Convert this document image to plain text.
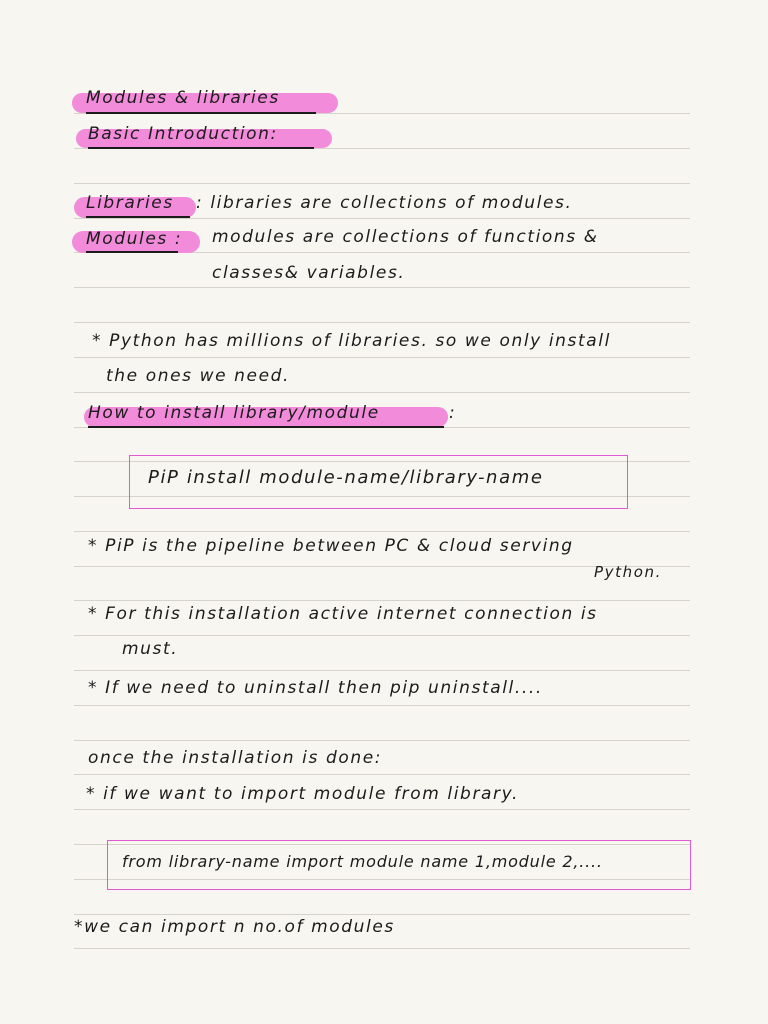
Modules & libraries
Basic Introduction:
Libraries : libraries are collections of modules.
Modules : modules are collections of functions &
classes& variables.
* Python has millions of libraries. so we only install
the ones we need.
How to install library/module	:
PiP install module-name/library-name
* PiP is the pipeline between PC & cloud serving
Python.
* For this installation active internet connection is
must.
* If we need to uninstall then pip uninstall....
once the installation is done:
* if we want to import module from library.
from library-name import module name 1,module 2,....
*we can import n no.of modules
